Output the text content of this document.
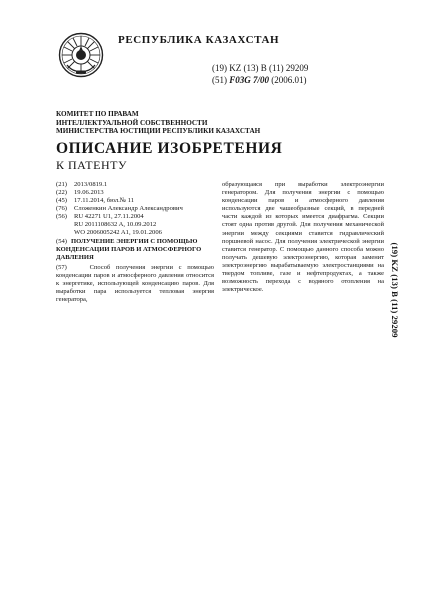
РЕСПУБЛИКА КАЗАХСТАН
(19) KZ (13) B (11) 29209
(51) F03G 7/00 (2006.01)
КОМИТЕТ ПО ПРАВАМ
ИНТЕЛЛЕКТУАЛЬНОЙ СОБСТВЕННОСТИ
МИНИСТЕРСТВА ЮСТИЦИИ РЕСПУБЛИКИ КАЗАХСТАН
ОПИСАНИЕ ИЗОБРЕТЕНИЯ
К ПАТЕНТУ
(21)	2013/0819.1
(22)	19.06.2013
(45)	17.11.2014, бюл.№ 11
(76)	Сложенкин Александр Александрович
(56)	RU 42271 U1, 27.11.2004
RU 2011108632 A, 10.09.2012
WO 2006005242 A1, 19.01.2006
(54) ПОЛУЧЕНИЕ ЭНЕРГИИ С ПОМОЩЬЮ КОНДЕНСАЦИИ ПАРОВ И АТМОСФЕРНОГО ДАВЛЕНИЯ
(57)	Способ получения энергии с помощью конденсации паров и атмосферного давления относится к энергетике, использующей конденсацию паров. Для выработки пара используется тепловая энергия генератора,
образующаяся при выработки электроэнергии генератором. Для получения энергии с помощью конденсации паров и атмосферного давления используются две чашеобразные секций, в передней части каждой из которых имеется диафрагма. Секции стоят одна против другой. Для получения механической энергии между секциями ставится гидравлический поршневой насос. Для получения электрической энергии ставится генератор. С помощью данного способа можно получать дешевую электроэнергию, которая заменит электроэнергию вырабатываемую электростанциями на твердом топливе, газе и нефтепродуктах, а также возможность перехода с водяного отопления на электрическое.	(19) KZ (13) B (11) 29209
